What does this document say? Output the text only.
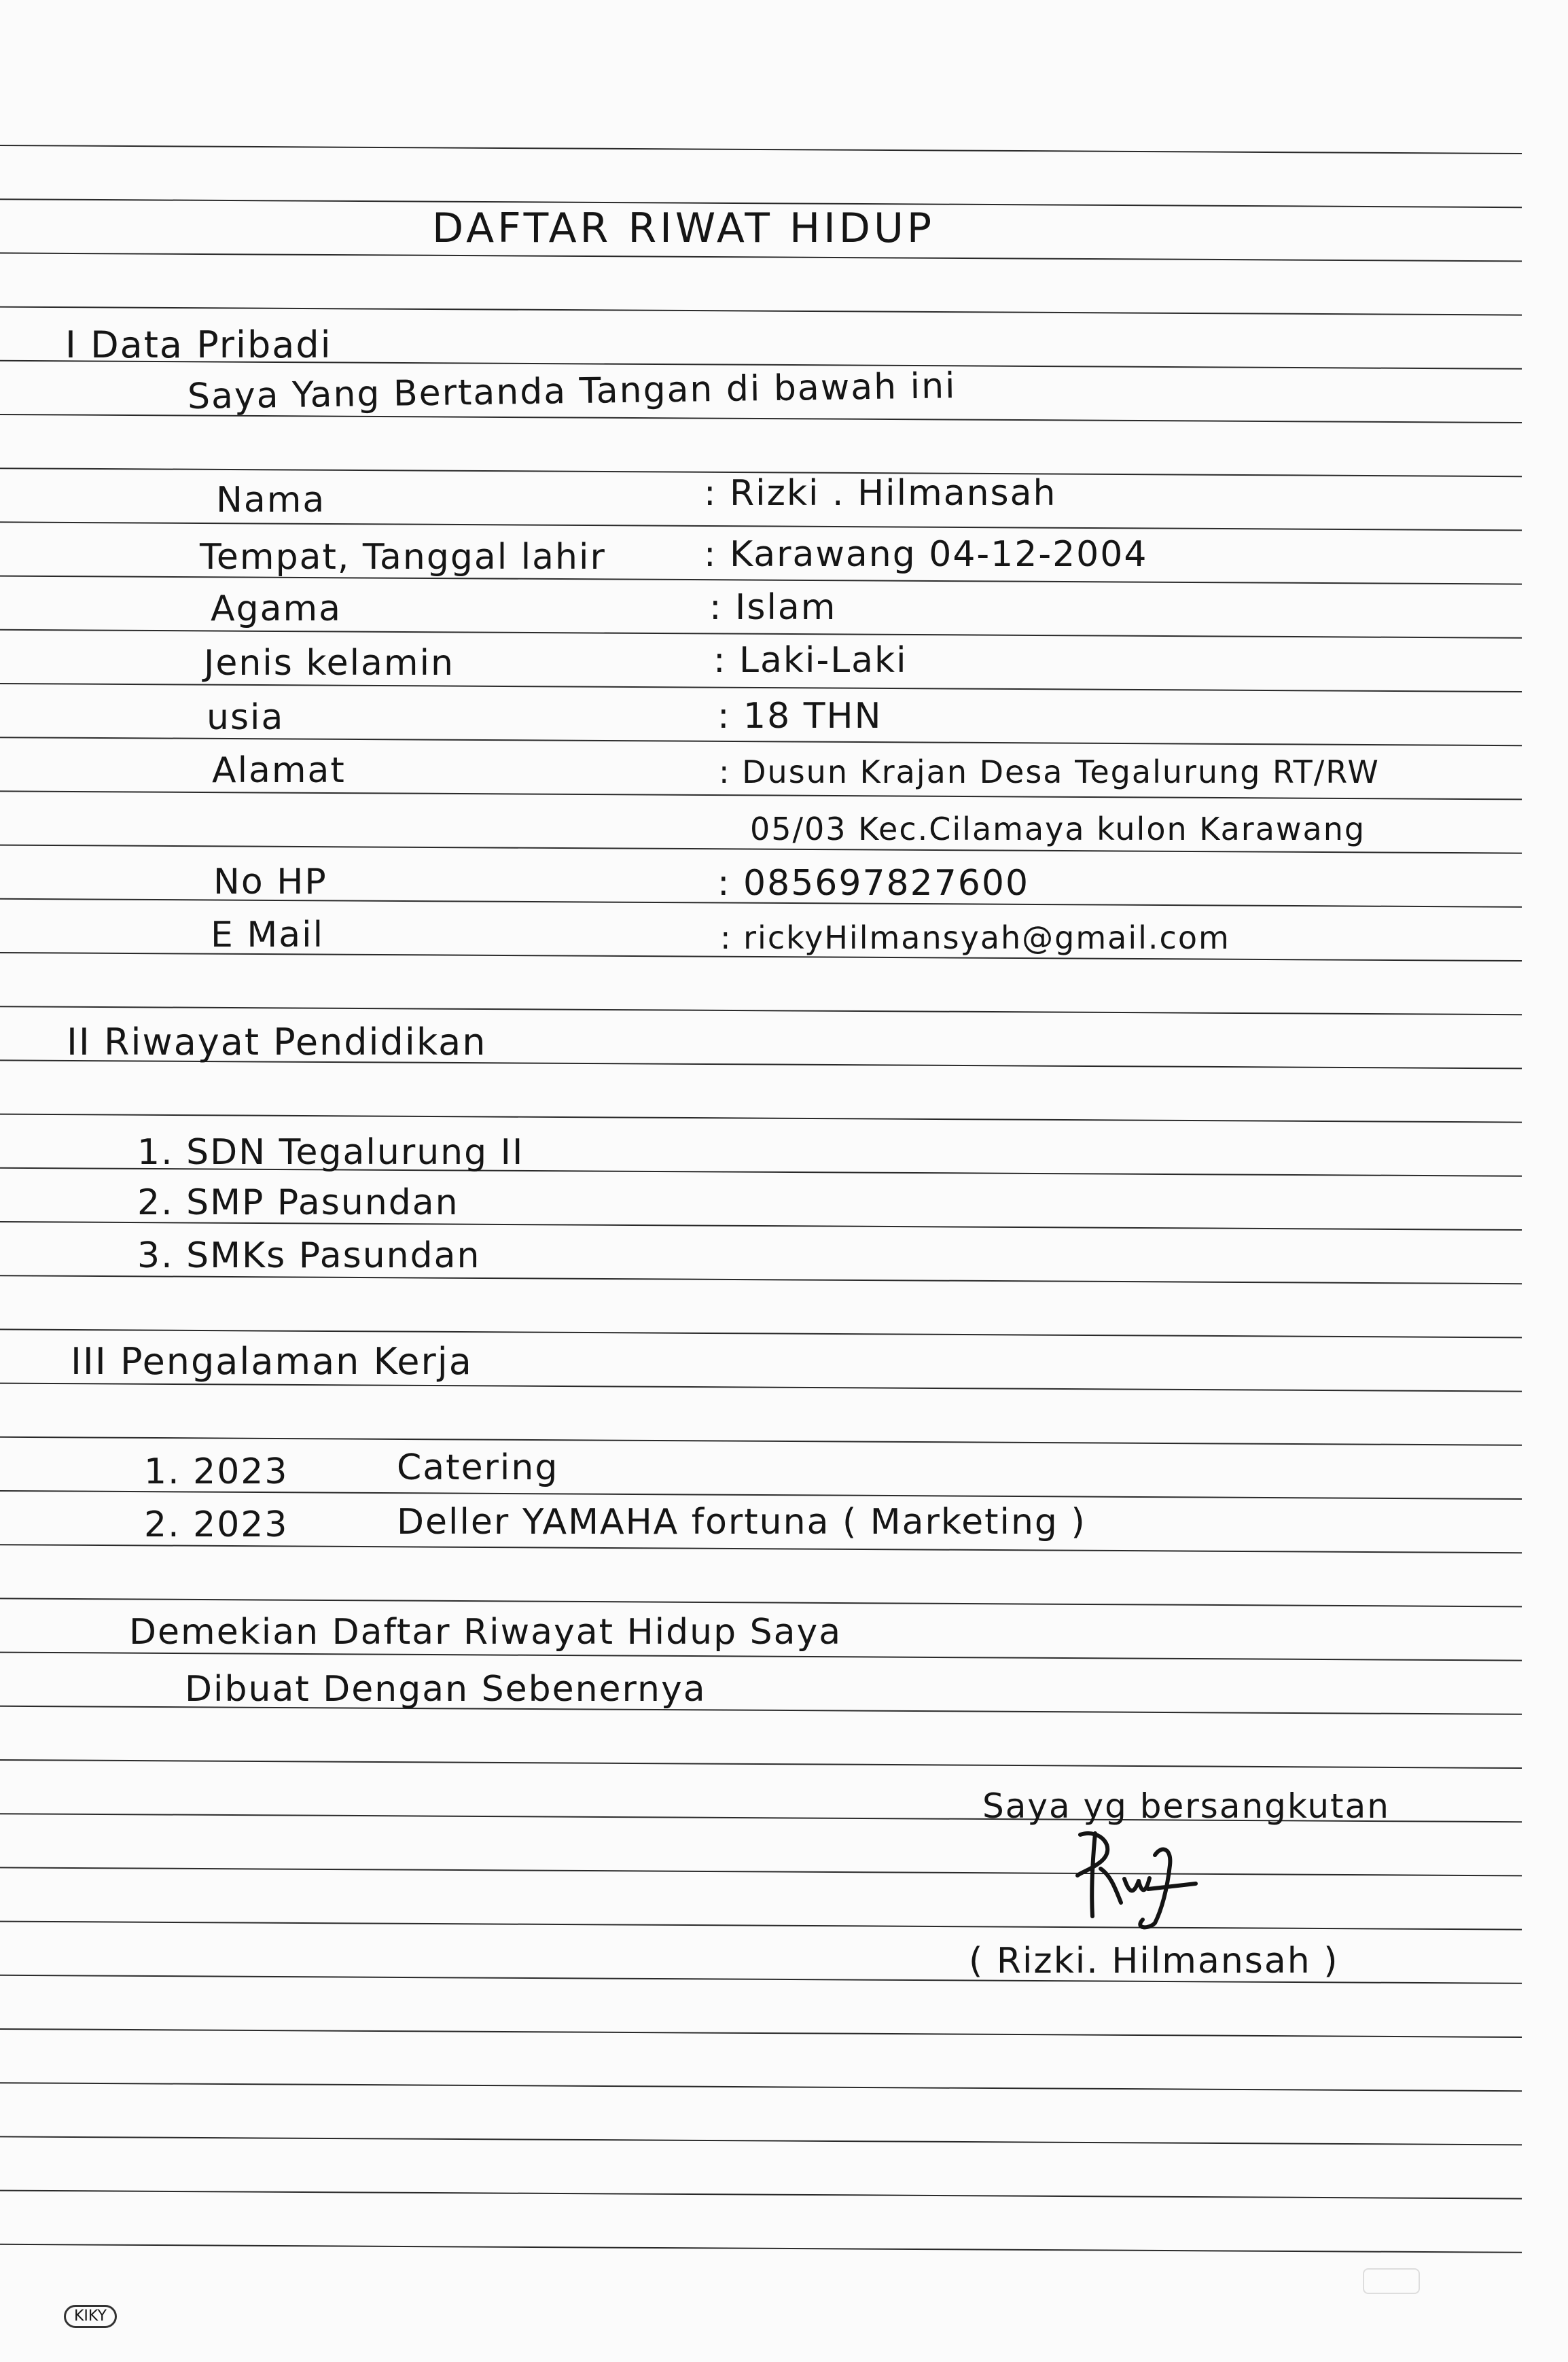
DAFTAR RIWAT HIDUP
I Data Pribadi
Saya Yang Bertanda Tangan di bawah ini
Nama	: Rizki . Hilmansah
Tempat, Tanggal lahir	: Karawang 04-12-2004
Agama	: Islam
Jenis kelamin	: Laki-Laki
usia	: 18 THN
Alamat	: Dusun Krajan Desa Tegalurung RT/RW
05/03 Kec.Cilamaya kulon Karawang
No HP	: 085697827600
E Mail	: rickyHilmansyah@gmail.com
II Riwayat Pendidikan
1. SDN Tegalurung II
2. SMP Pasundan
3. SMKs Pasundan
III Pengalaman Kerja
1. 2023	Catering
2. 2023	Deller YAMAHA fortuna ( Marketing )
Demekian Daftar Riwayat Hidup Saya
Dibuat Dengan Sebenernya
Saya yg bersangkutan
( Rizki. Hilmansah )
KIKY
